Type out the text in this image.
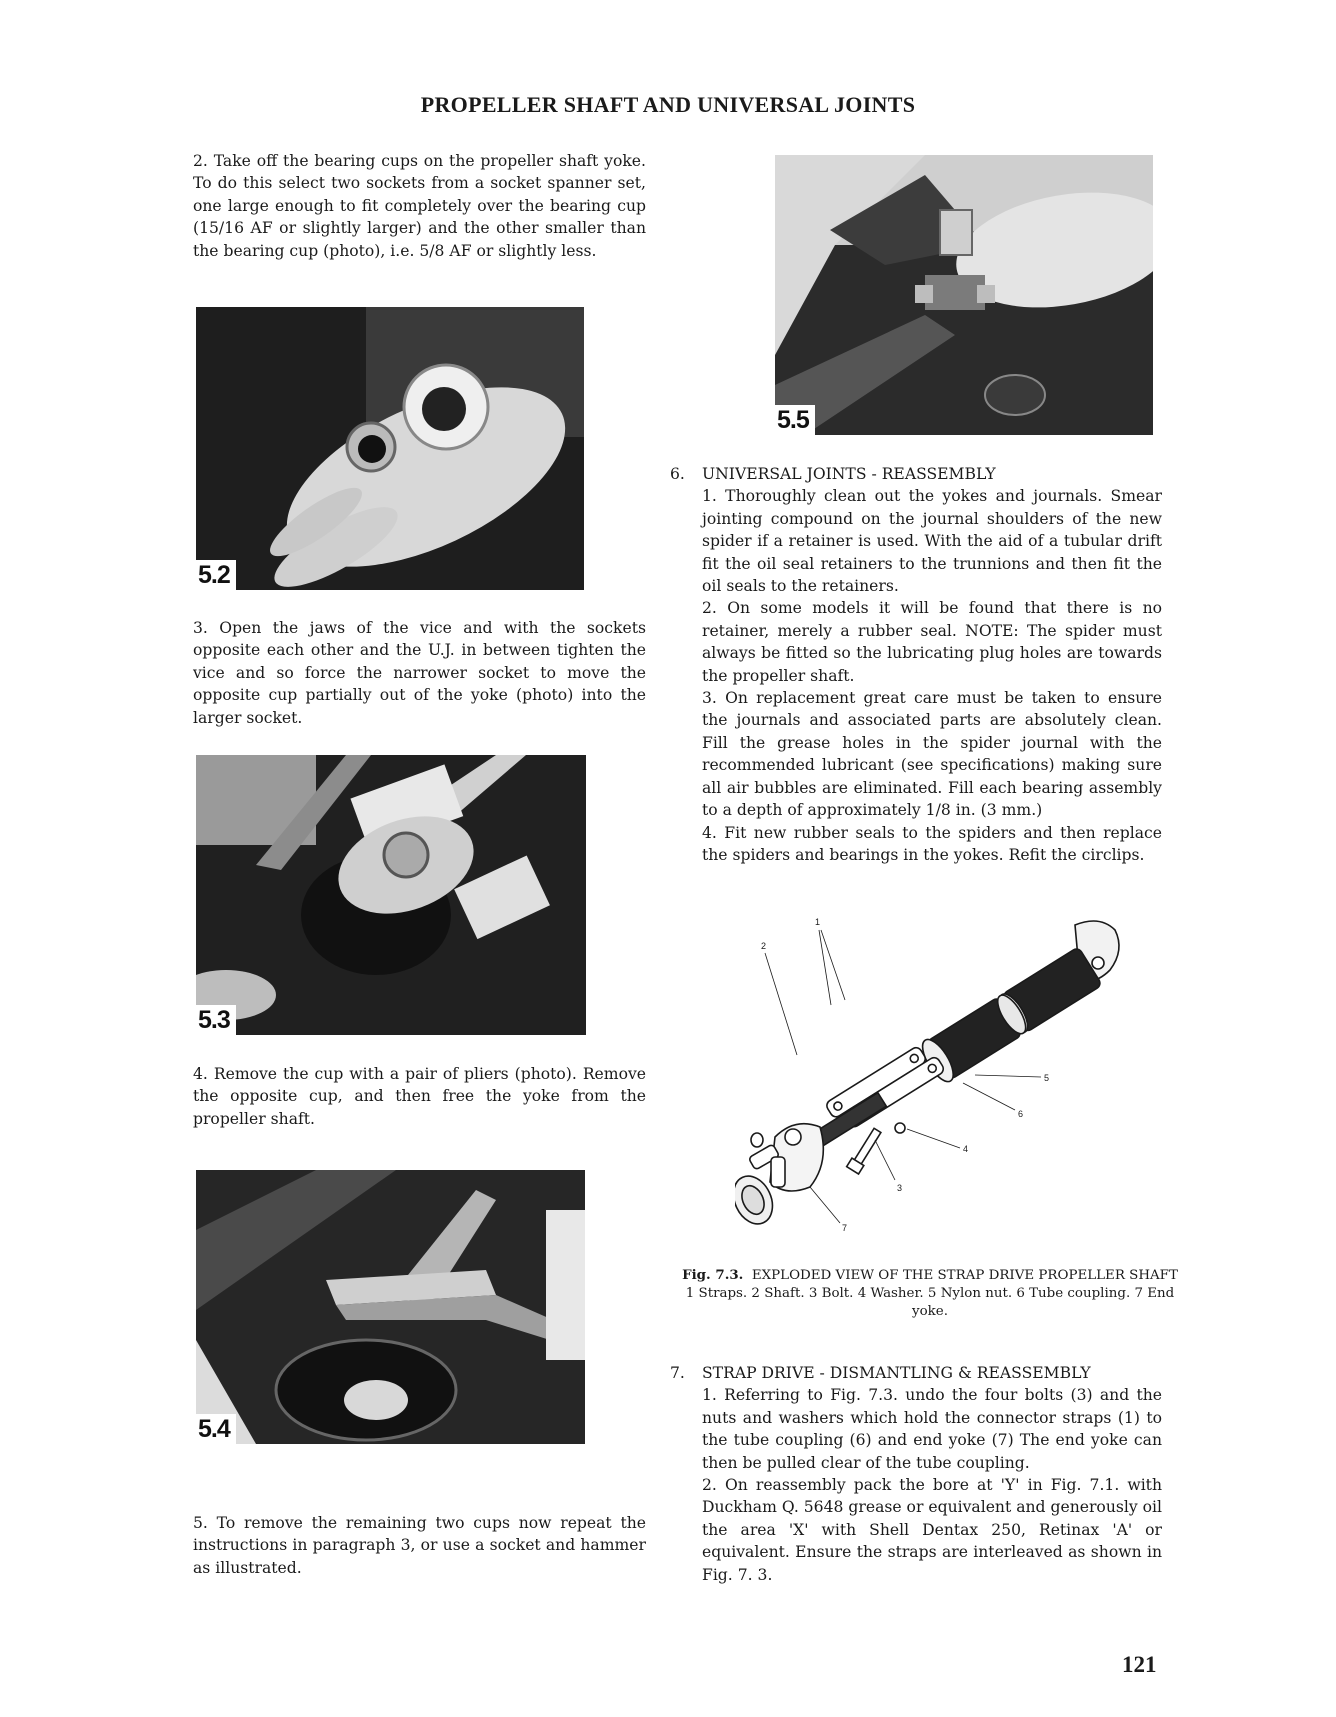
PROPELLER SHAFT AND UNIVERSAL JOINTS

2. Take off the bearing cups on the propeller shaft yoke. To do this select two sockets from a socket spanner set, one large enough to fit completely over the bearing cup (15/16 AF or slightly larger) and the other smaller than the bearing cup (photo), i.e. 5/8 AF or slightly less.

5.2

3. Open the jaws of the vice and with the sockets opposite each other and the U.J. in between tighten the vice and so force the narrower socket to move the opposite cup partially out of the yoke (photo) into the larger socket.

5.3

4. Remove the cup with a pair of pliers (photo). Remove the opposite cup, and then free the yoke from the propeller shaft.

5.4

5. To remove the remaining two cups now repeat the instructions in paragraph 3, or use a socket and hammer as illustrated.

5.5
6. UNIVERSAL JOINTS - REASSEMBLY

1. Thoroughly clean out the yokes and journals. Smear jointing compound on the journal shoulders of the new spider if a retainer is used. With the aid of a tubular drift fit the oil seal retainers to the trunnions and then fit the oil seals to the retainers.

2. On some models it will be found that there is no retainer, merely a rubber seal. NOTE: The spider must always be fitted so the lubricating plug holes are towards the propeller shaft.

3. On replacement great care must be taken to ensure the journals and associated parts are absolutely clean. Fill the grease holes in the spider journal with the recommended lubricant (see specifications) making sure all air bubbles are eliminated. Fill each bearing assembly to a depth of approximately 1/8 in. (3 mm.)

4. Fit new rubber seals to the spiders and then replace the spiders and bearings in the yokes. Refit the circlips.

1
2
3
4
5
6
7
Fig. 7.3. EXPLODED VIEW OF THE STRAP DRIVE PROPELLER SHAFT
1 Straps. 2 Shaft. 3 Bolt. 4 Washer. 5 Nylon nut. 6 Tube coupling. 7 End yoke.
7. STRAP DRIVE - DISMANTLING & REASSEMBLY

1. Referring to Fig. 7.3. undo the four bolts (3) and the nuts and washers which hold the connector straps (1) to the tube coupling (6) and end yoke (7) The end yoke can then be pulled clear of the tube coupling.

2. On reassembly pack the bore at 'Y' in Fig. 7.1. with Duckham Q. 5648 grease or equivalent and generously oil the area 'X' with Shell Dentax 250, Retinax 'A' or equivalent. Ensure the straps are interleaved as shown in Fig. 7. 3.

121
